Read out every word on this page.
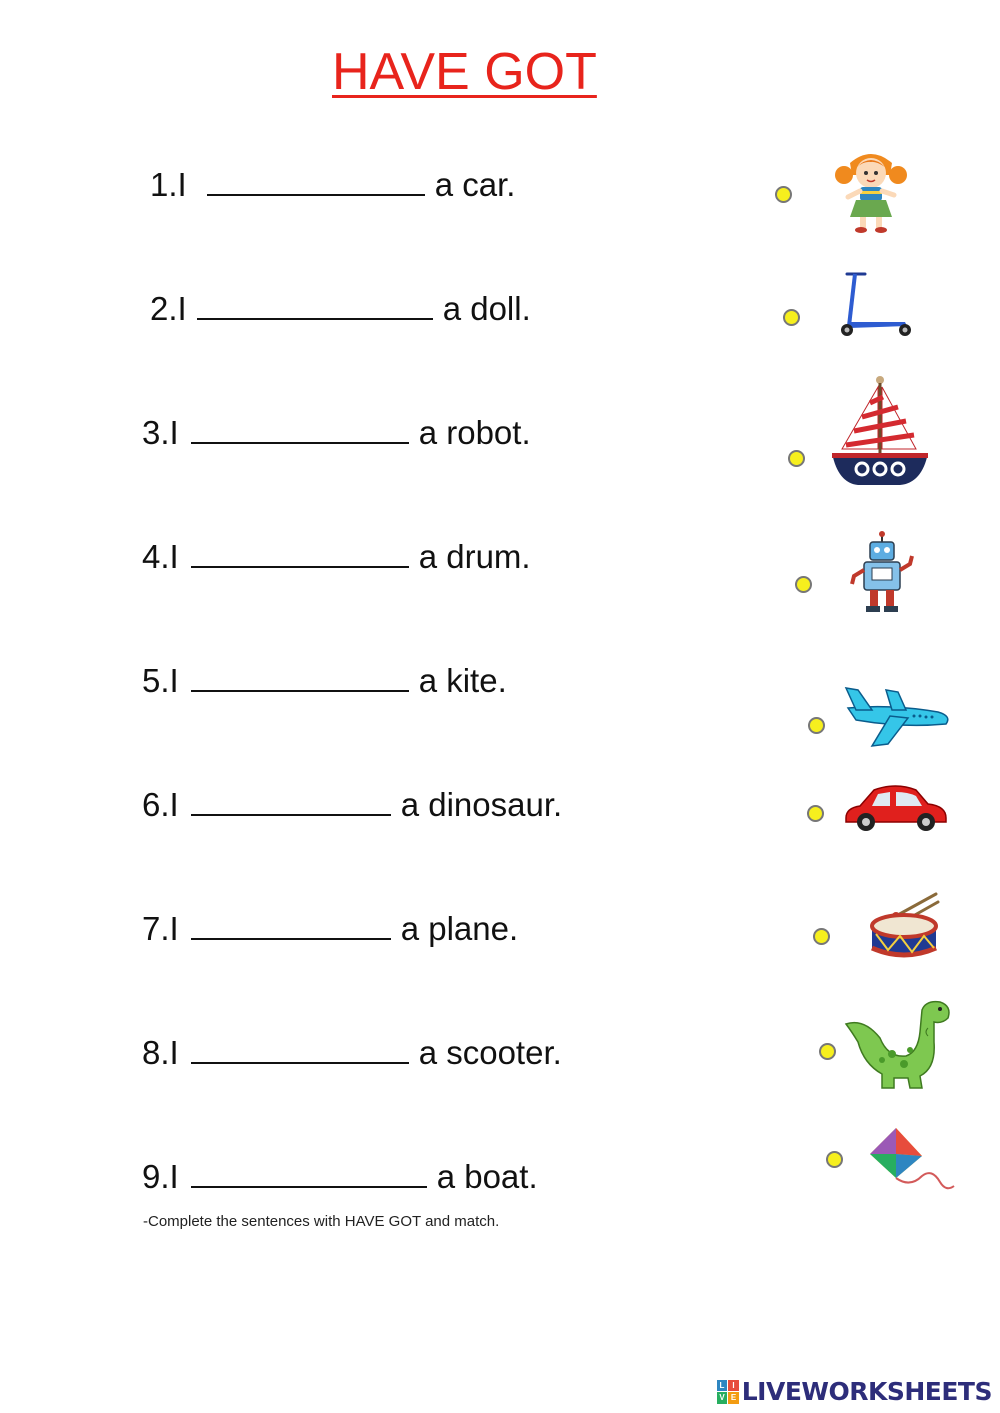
HAVE GOT
1.I	a car.
2.I	a doll.
3.I	a robot.
4.I	a drum.
5.I	a kite.
6.I	a dinosaur.
7.I	a plane.
8.I	a scooter.
9.I	a boat.
-Complete the sentences with HAVE GOT and match.
L I
V E LIVEWORKSHEETS
